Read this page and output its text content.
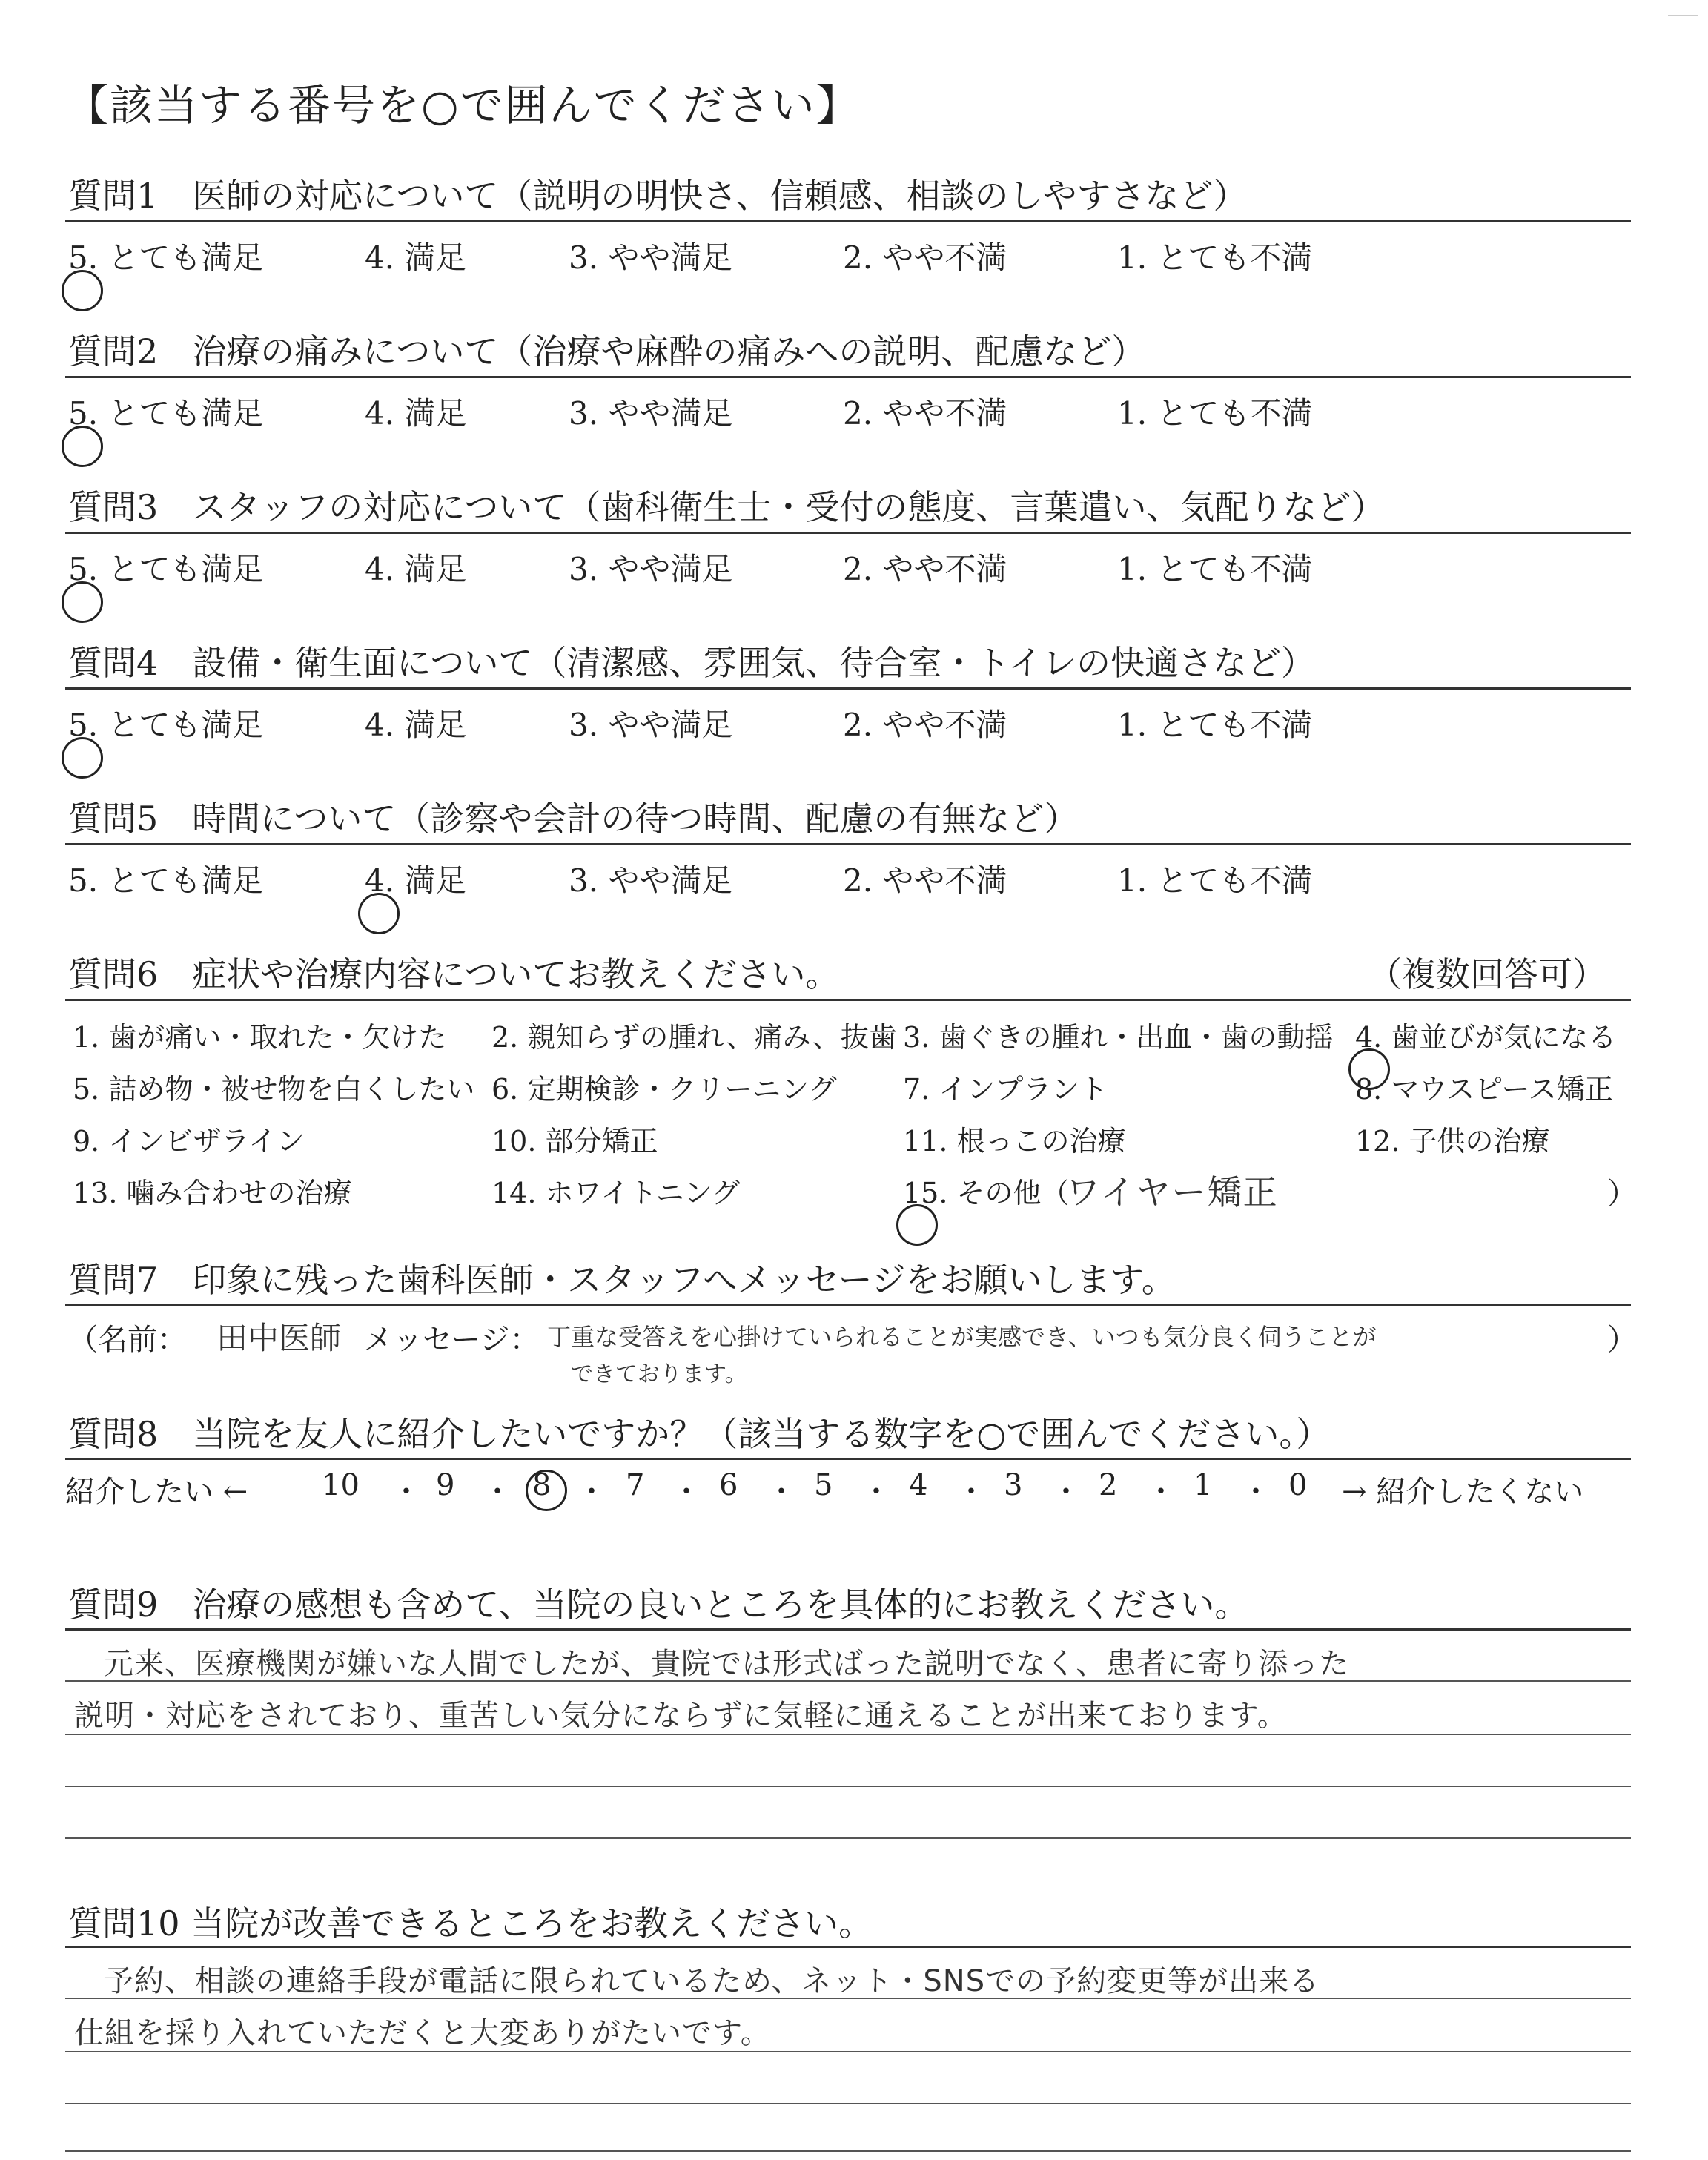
【該当する番号を○で囲んでください】
質問1　医師の対応について（説明の明快さ、信頼感、相談のしやすさなど）
5. とても満足	4. 満足	3. やや満足	2. やや不満	1. とても不満
質問2　治療の痛みについて（治療や麻酔の痛みへの説明、配慮など）
5. とても満足	4. 満足	3. やや満足	2. やや不満	1. とても不満
質問3　スタッフの対応について（歯科衛生士・受付の態度、言葉遣い、気配りなど）
5. とても満足	4. 満足	3. やや満足	2. やや不満	1. とても不満
質問4　設備・衛生面について（清潔感、雰囲気、待合室・トイレの快適さなど）
5. とても満足	4. 満足	3. やや満足	2. やや不満	1. とても不満
質問5　時間について（診察や会計の待つ時間、配慮の有無など）
5. とても満足	4. 満足	3. やや満足	2. やや不満	1. とても不満
質問6　症状や治療内容についてお教えください。	（複数回答可）
1. 歯が痛い・取れた・欠けた 2. 親知らずの腫れ、痛み、抜歯 3. 歯ぐきの腫れ・出血・歯の動揺 4. 歯並びが気になる
5. 詰め物・被せ物を白くしたい 6. 定期検診・クリーニング 7. インプラント	8. マウスピース矯正
9. インビザライン	10. 部分矯正	11. 根っこの治療	12. 子供の治療
13. 噛み合わせの治療	14. ホワイトニング	15. その他（
ワイヤー矯正	）
質問7　印象に残った歯科医師・スタッフへメッセージをお願いします。
（名前： 田中医師 メッセージ： 丁重な受答えを心掛けていられることが実感でき、いつも気分良く伺うことが
できております。
）
質問8　当院を友人に紹介したいですか？（該当する数字を○で囲んでください。）
紹介したい ← 10 ・ 9 ・ 8 ・ 7 ・ 6 ・ 5 ・ 4 ・ 3 ・ 2 ・ 1 ・ 0 → 紹介したくない
質問9　治療の感想も含めて、当院の良いところを具体的にお教えください。
元来、医療機関が嫌いな人間でしたが、貴院では形式ばった説明でなく、患者に寄り添った
説明・対応をされており、重苦しい気分にならずに気軽に通えることが出来ております。
質問10 当院が改善できるところをお教えください。
予約、相談の連絡手段が電話に限られているため、ネット・SNSでの予約変更等が出来る
仕組を採り入れていただくと大変ありがたいです。
